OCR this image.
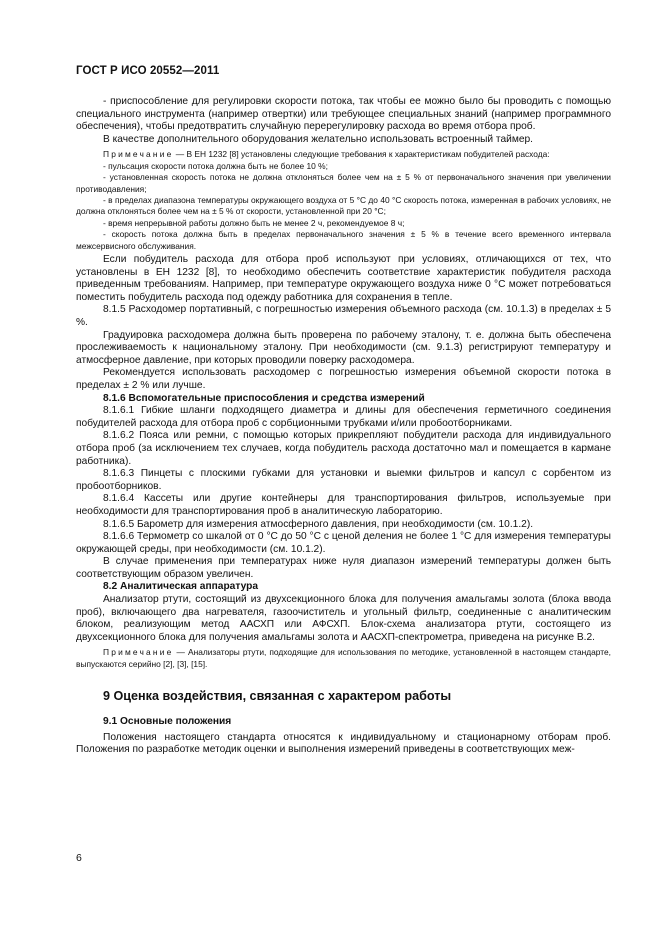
ГОСТ Р ИСО 20552—2011

- приспособление для регулировки скорости потока, так чтобы ее можно было бы проводить с помощью специального инструмента (например отвертки) или требующее специальных знаний (например программного обеспечения), чтобы предотвратить случайную перерегулировку расхода во время отбора проб.

В качестве дополнительного оборудования желательно использовать встроенный таймер.

Примечание — В ЕН 1232 [8] установлены следующие требования к характеристикам побудителей расхода:

- пульсация скорости потока должна быть не более 10 %;

- установленная скорость потока не должна отклоняться более чем на ± 5 % от первоначального значения при увеличении противодавления;

- в пределах диапазона температуры окружающего воздуха от 5 °С до 40 °С скорость потока, измеренная в рабочих условиях, не должна отклоняться более чем на ± 5 % от скорости, установленной при 20 °С;

- время непрерывной работы должно быть не менее 2 ч, рекомендуемое 8 ч;

- скорость потока должна быть в пределах первоначального значения ± 5 % в течение всего временного интервала межсервисного обслуживания.

Если побудитель расхода для отбора проб используют при условиях, отличающихся от тех, что установлены в ЕН 1232 [8], то необходимо обеспечить соответствие характеристик побудителя расхода приведенным требованиям. Например, при температуре окружающего воздуха ниже 0 °С может потребоваться поместить побудитель расхода под одежду работника для сохранения в тепле.

8.1.5 Расходомер портативный, с погрешностью измерения объемного расхода (см. 10.1.3) в пределах ± 5 %.

Градуировка расходомера должна быть проверена по рабочему эталону, т. е. должна быть обеспечена прослеживаемость к национальному эталону. При необходимости (см. 9.1.3) регистрируют температуру и атмосферное давление, при которых проводили поверку расходомера.

Рекомендуется использовать расходомер с погрешностью измерения объемной скорости потока в пределах ± 2 % или лучше.

8.1.6 Вспомогательные приспособления и средства измерений

8.1.6.1 Гибкие шланги подходящего диаметра и длины для обеспечения герметичного соединения побудителей расхода для отбора проб с сорбционными трубками и/или пробоотборниками.

8.1.6.2 Пояса или ремни, с помощью которых прикрепляют побудители расхода для индивидуального отбора проб (за исключением тех случаев, когда побудитель расхода достаточно мал и помещается в кармане работника).

8.1.6.3 Пинцеты с плоскими губками для установки и выемки фильтров и капсул с сорбентом из пробоотборников.

8.1.6.4 Кассеты или другие контейнеры для транспортирования фильтров, используемые при необходимости для транспортирования проб в аналитическую лабораторию.

8.1.6.5 Барометр для измерения атмосферного давления, при необходимости (см. 10.1.2).

8.1.6.6 Термометр со шкалой от 0 °С до 50 °С с ценой деления не более 1 °С для измерения температуры окружающей среды, при необходимости (см. 10.1.2).

В случае применения при температурах ниже нуля диапазон измерений температуры должен быть соответствующим образом увеличен.

8.2 Аналитическая аппаратура

Анализатор ртути, состоящий из двухсекционного блока для получения амальгамы золота (блока ввода проб), включающего два нагревателя, газоочиститель и угольный фильтр, соединенные с аналитическим блоком, реализующим метод ААСХП или АФСХП. Блок-схема анализатора ртути, состоящего из двухсекционного блока для получения амальгамы золота и ААСХП-спектрометра, приведена на рисунке В.2.

Примечание — Анализаторы ртути, подходящие для использования по методике, установленной в настоящем стандарте, выпускаются серийно [2], [3], [15].

9 Оценка воздействия, связанная с характером работы

9.1 Основные положения

Положения настоящего стандарта относятся к индивидуальному и стационарному отборам проб. Положения по разработке методик оценки и выполнения измерений приведены в соответствующих меж-

6
